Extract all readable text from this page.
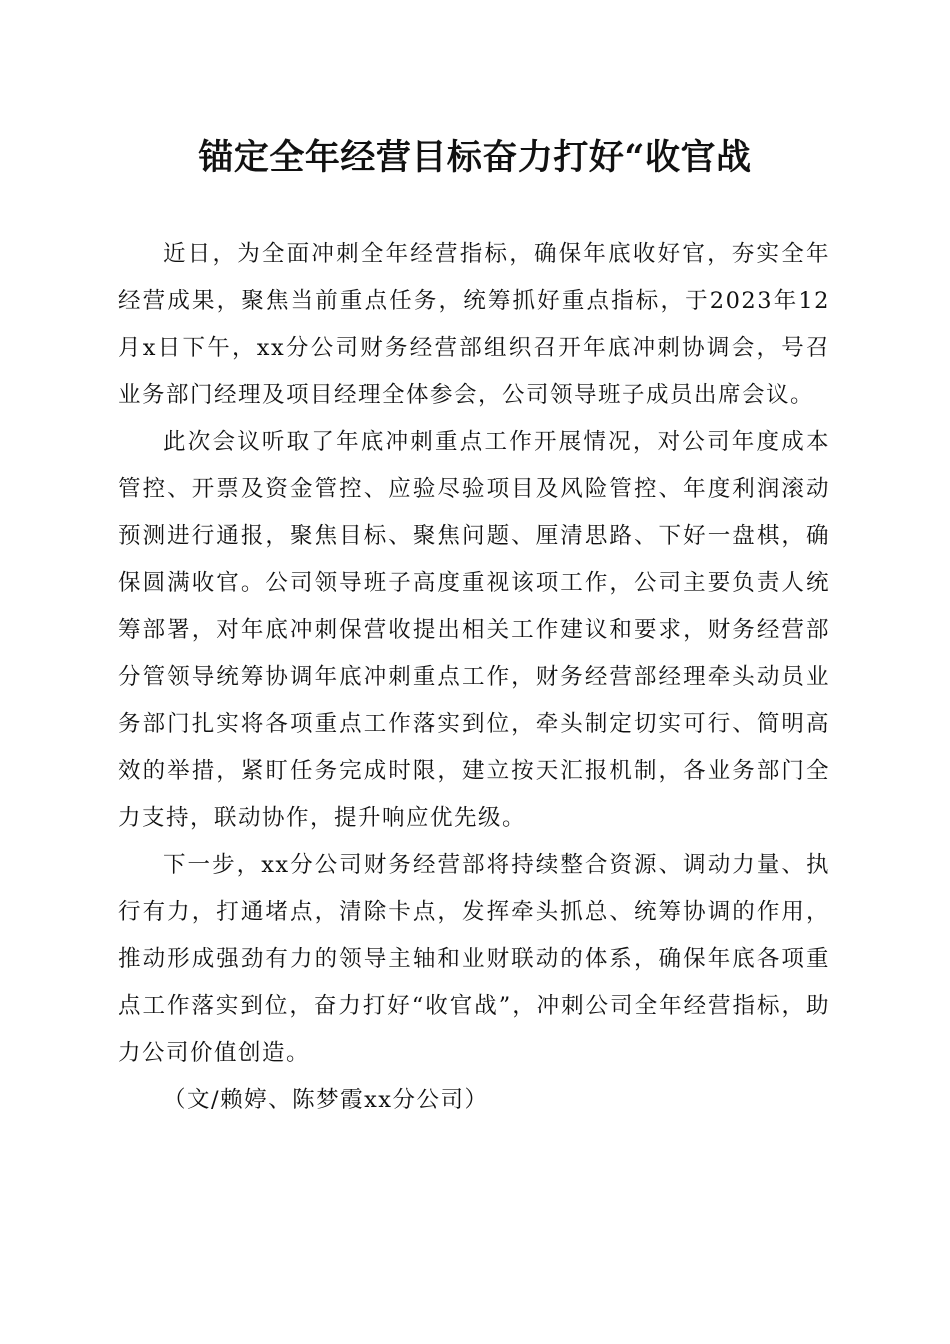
锚定全年经营目标奋力打好“收官战

近日，为全面冲刺全年经营指标，确保年底收好官，夯实全年经营成果，聚焦当前重点任务，统筹抓好重点指标，于2023年12月x日下午，xx分公司财务经营部组织召开年底冲刺协调会，号召业务部门经理及项目经理全体参会，公司领导班子成员出席会议。

此次会议听取了年底冲刺重点工作开展情况，对公司年度成本管控、开票及资金管控、应验尽验项目及风险管控、年度利润滚动预测进行通报，聚焦目标、聚焦问题、厘清思路、下好一盘棋，确保圆满收官。公司领导班子高度重视该项工作，公司主要负责人统筹部署，对年底冲刺保营收提出相关工作建议和要求，财务经营部分管领导统筹协调年底冲刺重点工作，财务经营部经理牵头动员业务部门扎实将各项重点工作落实到位，牵头制定切实可行、简明高效的举措，紧盯任务完成时限，建立按天汇报机制，各业务部门全力支持，联动协作，提升响应优先级。

下一步，xx分公司财务经营部将持续整合资源、调动力量、执行有力，打通堵点，清除卡点，发挥牵头抓总、统筹协调的作用，推动形成强劲有力的领导主轴和业财联动的体系，确保年底各项重点工作落实到位，奋力打好“收官战”，冲刺公司全年经营指标，助力公司价值创造。

（文/赖婷、陈梦霞xx分公司）
